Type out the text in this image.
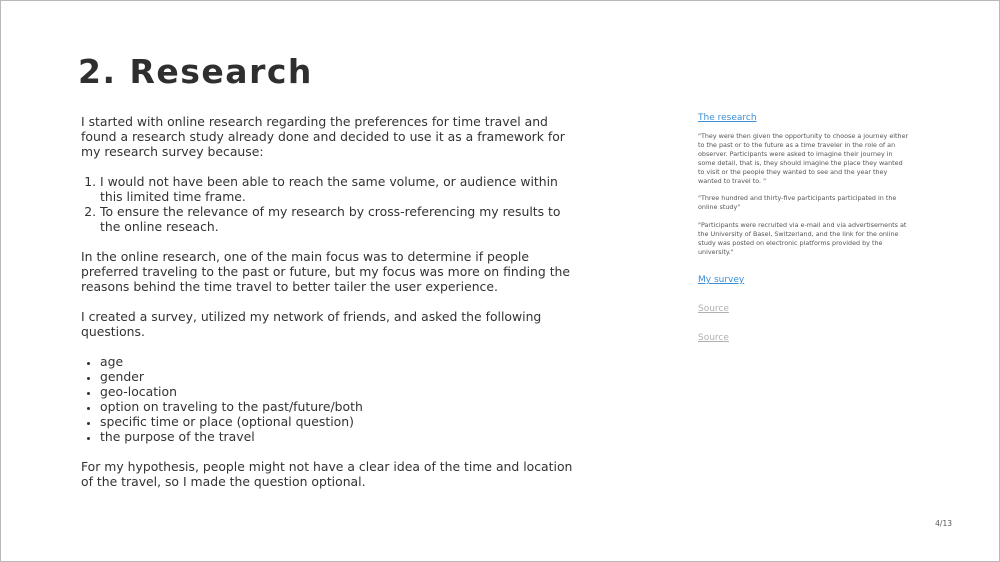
2. Research

I started with online research regarding the preferences for time travel and found a research study already done and decided to use it as a framework for my research survey because:

1. I would not have been able to reach the same volume, or audience within this limited time frame.
2. To ensure the relevance of my research by cross-referencing my results to the online reseach.

In the online research, one of the main focus was to determine if people preferred traveling to the past or future, but my focus was more on finding the reasons behind the time travel to better tailer the user experience.

I created a survey, utilized my network of friends, and asked the following questions.

• age
• gender
• geo-location
• option on traveling to the past/future/both
• specific time or place (optional question)
• the purpose of the travel

For my hypothesis, people might not have a clear idea of the time and location of the travel, so I made the question optional.

The research

"They were then given the opportunity to choose a journey either to the past or to the future as a time traveler in the role of an observer. Participants were asked to imagine their journey in some detail, that is, they should imagine the place they wanted to visit or the people they wanted to see and the year they wanted to travel to. "

"Three hundred and thirty-five participants participated in the online study"

"Participants were recruited via e-mail and via advertisements at the University of Basel, Switzerland, and the link for the online study was posted on electronic platforms provided by the university."

My survey
Source
Source
4/13
